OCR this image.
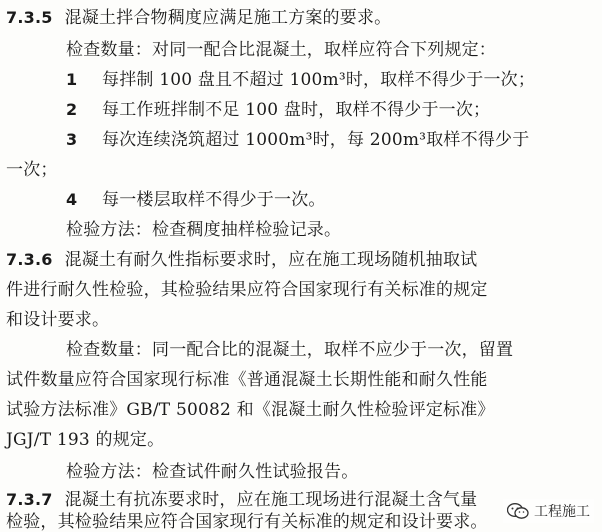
7.3.5 混凝土拌合物稠度应满足施工方案的要求。
检查数量：对同一配合比混凝土，取样应符合下列规定：
1 每拌制 100 盘且不超过 100m³时，取样不得少于一次；
2 每工作班拌制不足 100 盘时，取样不得少于一次；
3 每次连续浇筑超过 1000m³时，每 200m³取样不得少于
一次；
4 每一楼层取样不得少于一次。
检验方法：检查稠度抽样检验记录。
7.3.6 混凝土有耐久性指标要求时，应在施工现场随机抽取试
件进行耐久性检验，其检验结果应符合国家现行有关标准的规定
和设计要求。
检查数量：同一配合比的混凝土，取样不应少于一次，留置
试件数量应符合国家现行标准《普通混凝土长期性能和耐久性能
试验方法标准》GB/T 50082 和《混凝土耐久性检验评定标准》
JGJ/T 193 的规定。
检验方法：检查试件耐久性试验报告。
7.3.7 混凝土有抗冻要求时，应在施工现场进行混凝土含气量
检验，其检验结果应符合国家现行有关标准的规定和设计要求。	工程施工
